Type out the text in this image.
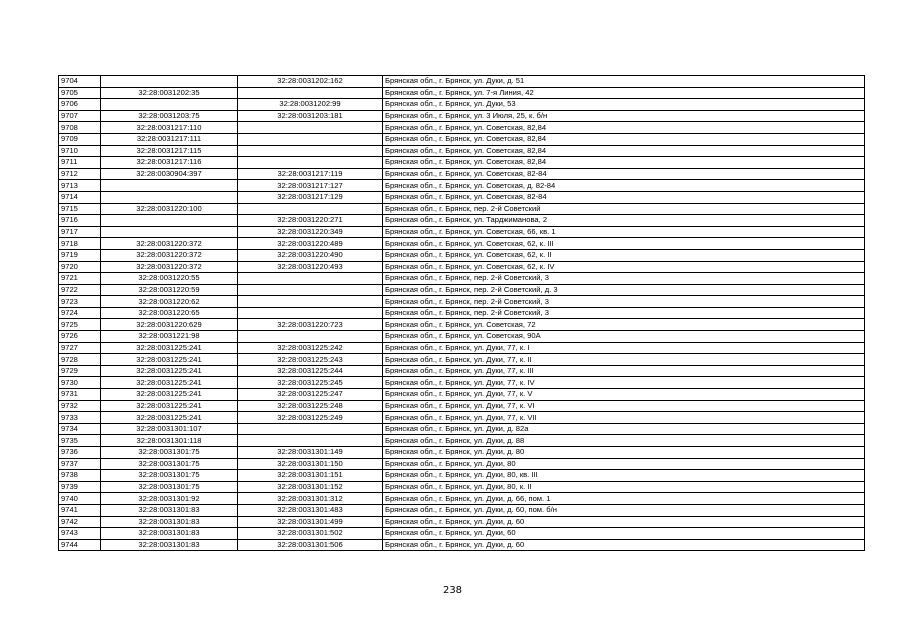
9704		32:28:0031202:162	Брянская обл., г. Брянск, ул. Дуки, д. 51
9705	32:28:0031202:35		Брянская обл., г. Брянск, ул. 7-я Линия, 42
9706		32:28:0031202:99	Брянская обл., г. Брянск, ул. Дуки, 53
9707	32:28:0031203:75	32:28:0031203:181	Брянская обл., г. Брянск, ул. 3 Июля, 25, к. б/н
9708	32:28:0031217:110		Брянская обл., г. Брянск, ул. Советская, 82,84
9709	32:28:0031217:111		Брянская обл., г. Брянск, ул. Советская, 82,84
9710	32:28:0031217:115		Брянская обл., г. Брянск, ул. Советская, 82,84
9711	32:28:0031217:116		Брянская обл., г. Брянск, ул. Советская, 82,84
9712	32:28:0030904:397	32:28:0031217:119	Брянская обл., г. Брянск, ул. Советская, 82-84
9713		32:28:0031217:127	Брянская обл., г. Брянск, ул. Советская, д. 82-84
9714		32:28:0031217:129	Брянская обл., г. Брянск, ул. Советская, 82-84
9715	32:28:0031220:100		Брянская обл., г. Брянск, пер. 2-й Советский
9716		32:28:0031220:271	Брянская обл., г. Брянск, ул. Тарджиманова, 2
9717		32:28:0031220:349	Брянская обл., г. Брянск, ул. Советская, 66, кв. 1
9718	32:28:0031220:372	32:28:0031220:489	Брянская обл., г. Брянск, ул. Советская, 62, к. III
9719	32:28:0031220:372	32:28:0031220:490	Брянская обл., г. Брянск, ул. Советская, 62, к. II
9720	32:28:0031220:372	32:28:0031220:493	Брянская обл., г. Брянск, ул. Советская, 62, к. IV
9721	32:28:0031220:55		Брянская обл., г. Брянск, пер. 2-й Советский, 3
9722	32:28:0031220:59		Брянская обл., г. Брянск, пер. 2-й Советский, д. 3
9723	32:28:0031220:62		Брянская обл., г. Брянск, пер. 2-й Советский, 3
9724	32:28:0031220:65		Брянская обл., г. Брянск, пер. 2-й Советский, 3
9725	32:28:0031220:629	32:28:0031220:723	Брянская обл., г. Брянск, ул. Советская, 72
9726	32:28:0031221:98		Брянская обл., г. Брянск, ул. Советская, 90А
9727	32:28:0031225:241	32:28:0031225:242	Брянская обл., г. Брянск, ул. Дуки, 77, к. I
9728	32:28:0031225:241	32:28:0031225:243	Брянская обл., г. Брянск, ул. Дуки, 77, к. II
9729	32:28:0031225:241	32:28:0031225:244	Брянская обл., г. Брянск, ул. Дуки, 77, к. III
9730	32:28:0031225:241	32:28:0031225:245	Брянская обл., г. Брянск, ул. Дуки, 77, к. IV
9731	32:28:0031225:241	32:28:0031225:247	Брянская обл., г. Брянск, ул. Дуки, 77, к. V
9732	32:28:0031225:241	32:28:0031225:248	Брянская обл., г. Брянск, ул. Дуки, 77, к. VI
9733	32:28:0031225:241	32:28:0031225:249	Брянская обл., г. Брянск, ул. Дуки, 77, к. VII
9734	32:28:0031301:107		Брянская обл., г. Брянск, ул. Дуки, д. 82а
9735	32:28:0031301:118		Брянская обл., г. Брянск, ул. Дуки, д. 88
9736	32:28:0031301:75	32:28:0031301:149	Брянская обл., г. Брянск, ул. Дуки, д. 80
9737	32:28:0031301:75	32:28:0031301:150	Брянская обл., г. Брянск, ул. Дуки, 80
9738	32:28:0031301:75	32:28:0031301:151	Брянская обл., г. Брянск, ул. Дуки, 80, кв. III
9739	32:28:0031301:75	32:28:0031301:152	Брянская обл., г. Брянск, ул. Дуки, 80, к. II
9740	32:28:0031301:92	32:28:0031301:312	Брянская обл., г. Брянск, ул. Дуки, д. 66, пом. 1
9741	32:28:0031301:83	32:28:0031301:483	Брянская обл., г. Брянск, ул. Дуки, д. 60, пом. б/н
9742	32:28:0031301:83	32:28:0031301:499	Брянская обл., г. Брянск, ул. Дуки, д. 60
9743	32:28:0031301:83	32:28:0031301:502	Брянская обл., г. Брянск, ул. Дуки, 60
9744	32:28:0031301:83	32:28:0031301:506	Брянская обл., г. Брянск, ул. Дуки, д. 60
238
